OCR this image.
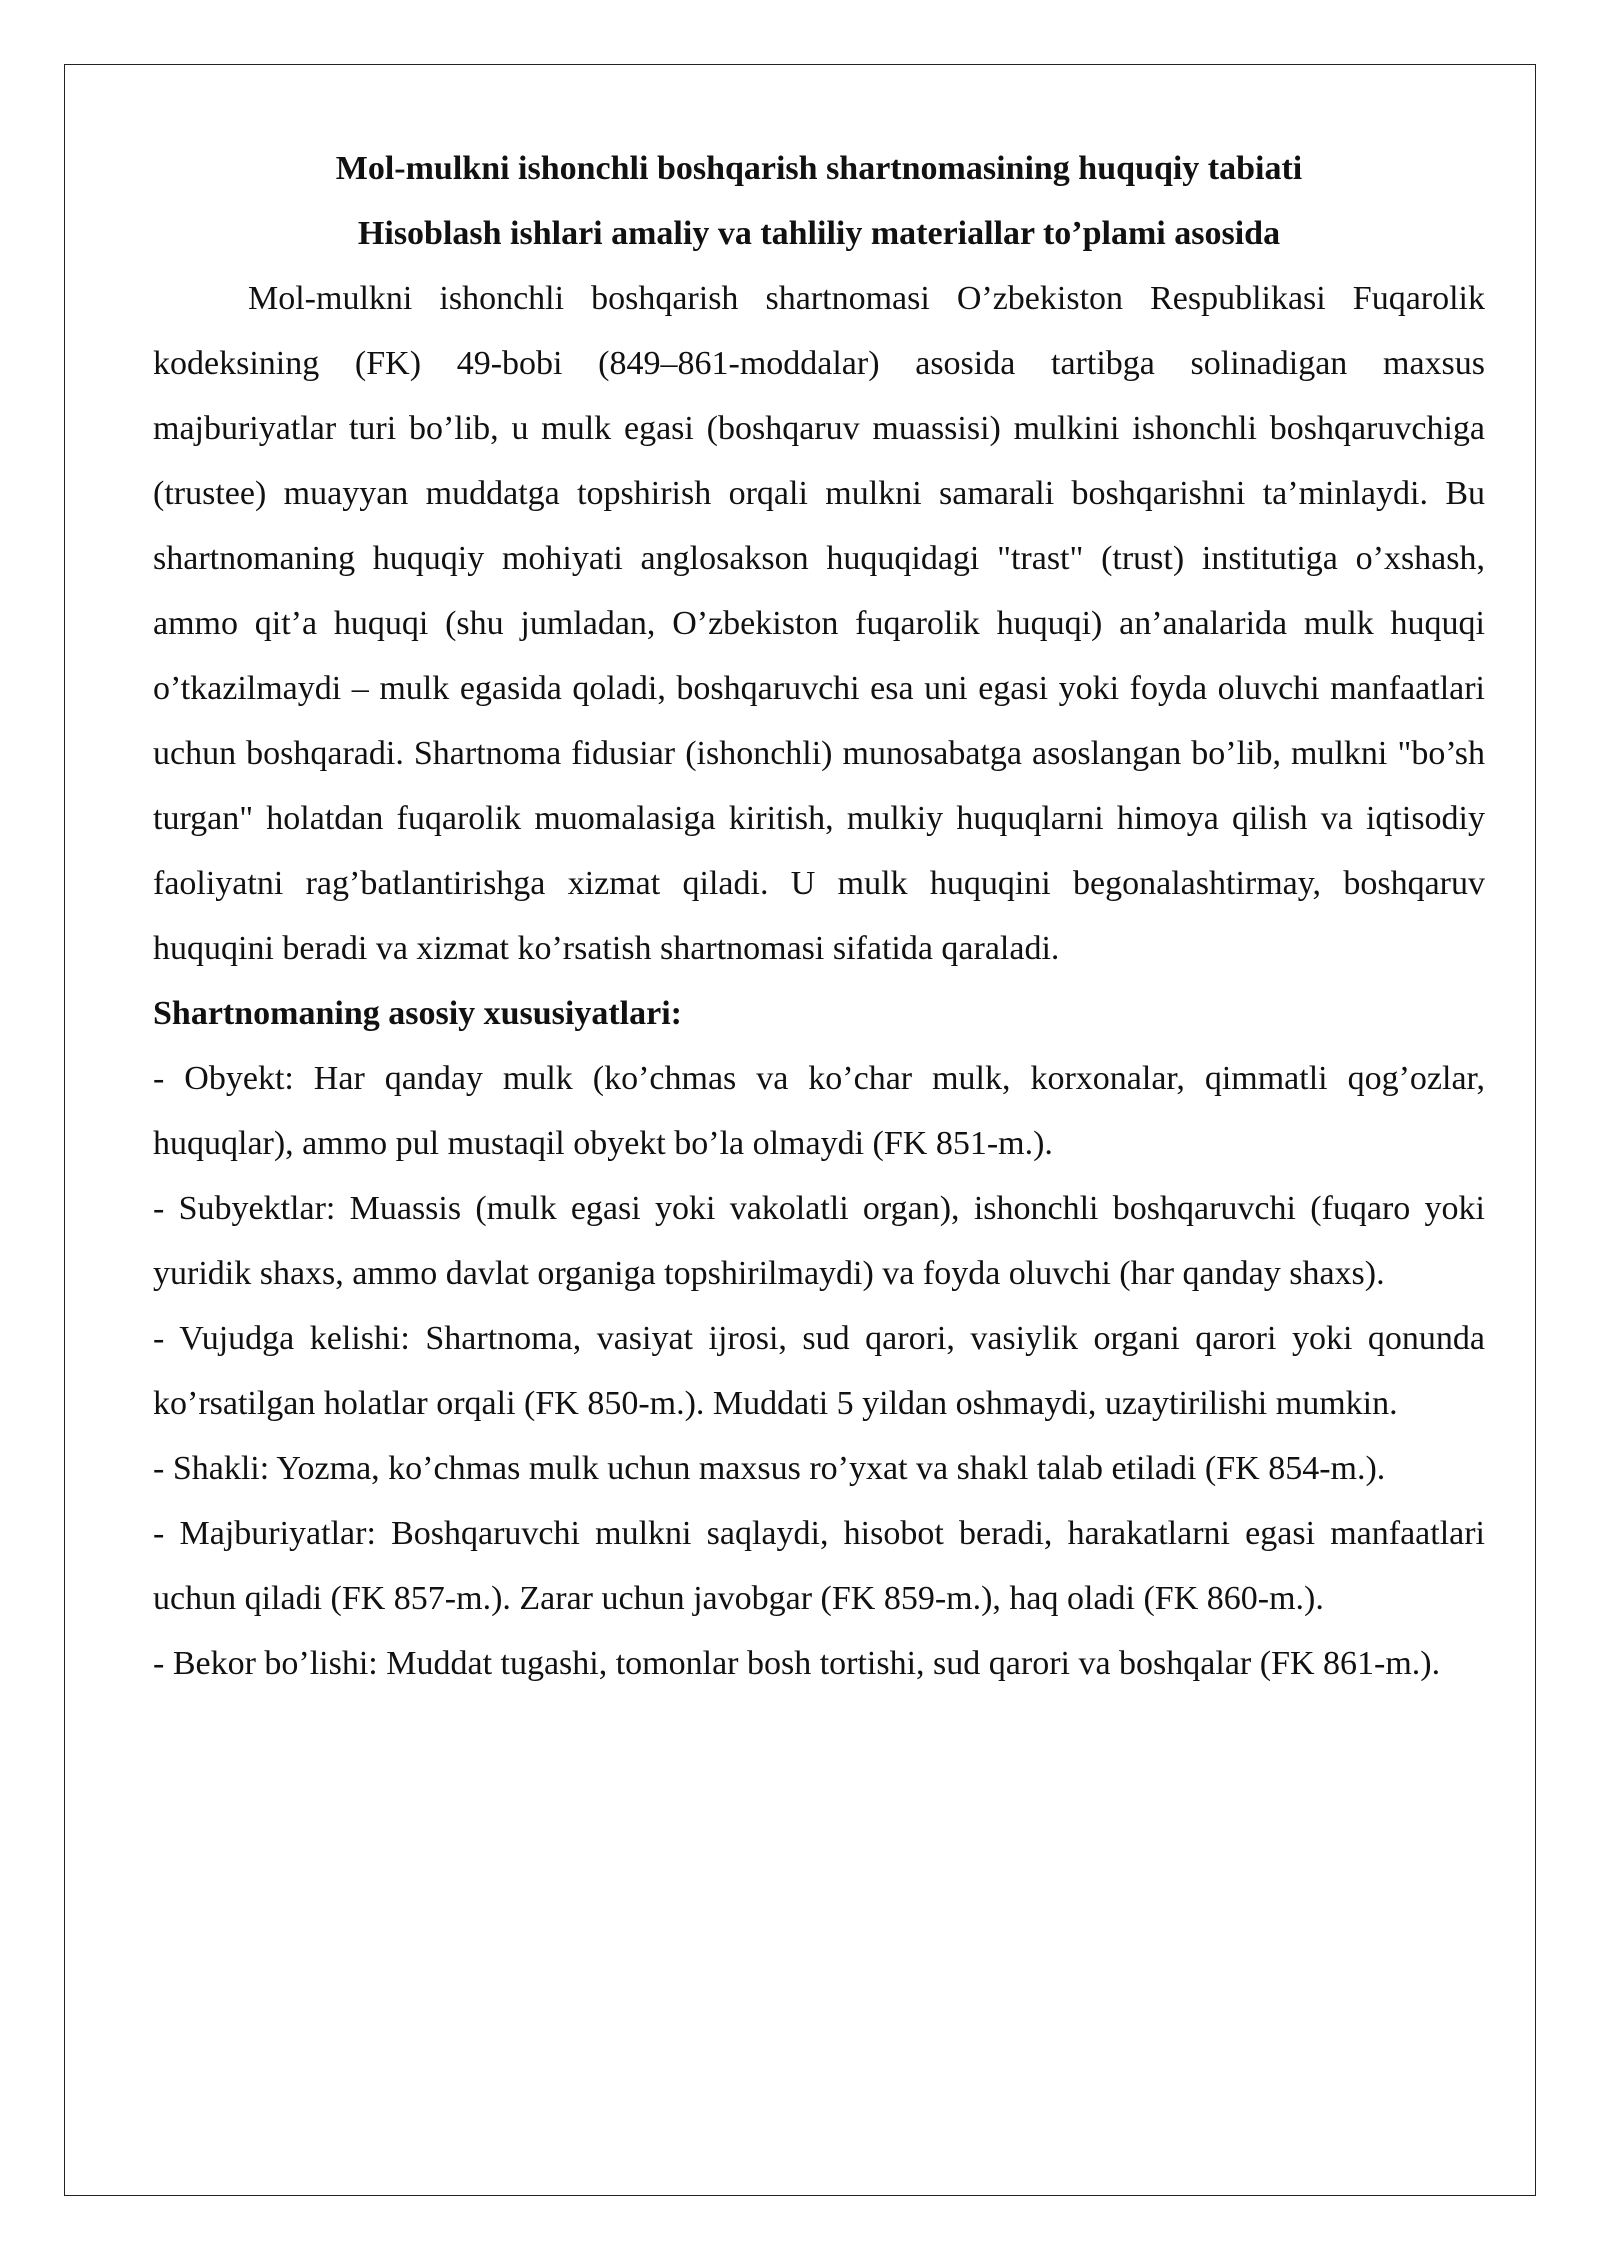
Mol-mulkni ishonchli boshqarish shartnomasining huquqiy tabiati
Hisoblash ishlari amaliy va tahliliy materiallar to’plami asosida

Mol-mulkni ishonchli boshqarish shartnomasi O’zbekiston Respublikasi Fuqarolik kodeksining (FK) 49-bobi (849–861-moddalar) asosida tartibga solinadigan maxsus majburiyatlar turi bo’lib, u mulk egasi (boshqaruv muassisi) mulkini ishonchli boshqaruvchiga (trustee) muayyan muddatga topshirish orqali mulkni samarali boshqarishni ta’minlaydi. Bu shartnomaning huquqiy mohiyati anglosakson huquqidagi "trast" (trust) institutiga o’xshash, ammo qit’a huquqi (shu jumladan, O’zbekiston fuqarolik huquqi) an’analarida mulk huquqi o’tkazilmaydi – mulk egasida qoladi, boshqaruvchi esa uni egasi yoki foyda oluvchi manfaatlari uchun boshqaradi. Shartnoma fidusiar (ishonchli) munosabatga asoslangan bo’lib, mulkni "bo’sh turgan" holatdan fuqarolik muomalasiga kiritish, mulkiy huquqlarni himoya qilish va iqtisodiy faoliyatni rag’batlantirishga xizmat qiladi. U mulk huquqini begonalashtirmay, boshqaruv huquqini beradi va xizmat ko’rsatish shartnomasi sifatida qaraladi.

Shartnomaning asosiy xususiyatlari:

- Obyekt: Har qanday mulk (ko’chmas va ko’char mulk, korxonalar, qimmatli qog’ozlar, huquqlar), ammo pul mustaqil obyekt bo’la olmaydi (FK 851-m.).

- Subyektlar: Muassis (mulk egasi yoki vakolatli organ), ishonchli boshqaruvchi (fuqaro yoki yuridik shaxs, ammo davlat organiga topshirilmaydi) va foyda oluvchi (har qanday shaxs).

- Vujudga kelishi: Shartnoma, vasiyat ijrosi, sud qarori, vasiylik organi qarori yoki qonunda ko’rsatilgan holatlar orqali (FK 850-m.). Muddati 5 yildan oshmaydi, uzaytirilishi mumkin.

- Shakli: Yozma, ko’chmas mulk uchun maxsus ro’yxat va shakl talab etiladi (FK 854-m.).

- Majburiyatlar: Boshqaruvchi mulkni saqlaydi, hisobot beradi, harakatlarni egasi manfaatlari uchun qiladi (FK 857-m.). Zarar uchun javobgar (FK 859-m.), haq oladi (FK 860-m.).

- Bekor bo’lishi: Muddat tugashi, tomonlar bosh tortishi, sud qarori va boshqalar (FK 861-m.).
